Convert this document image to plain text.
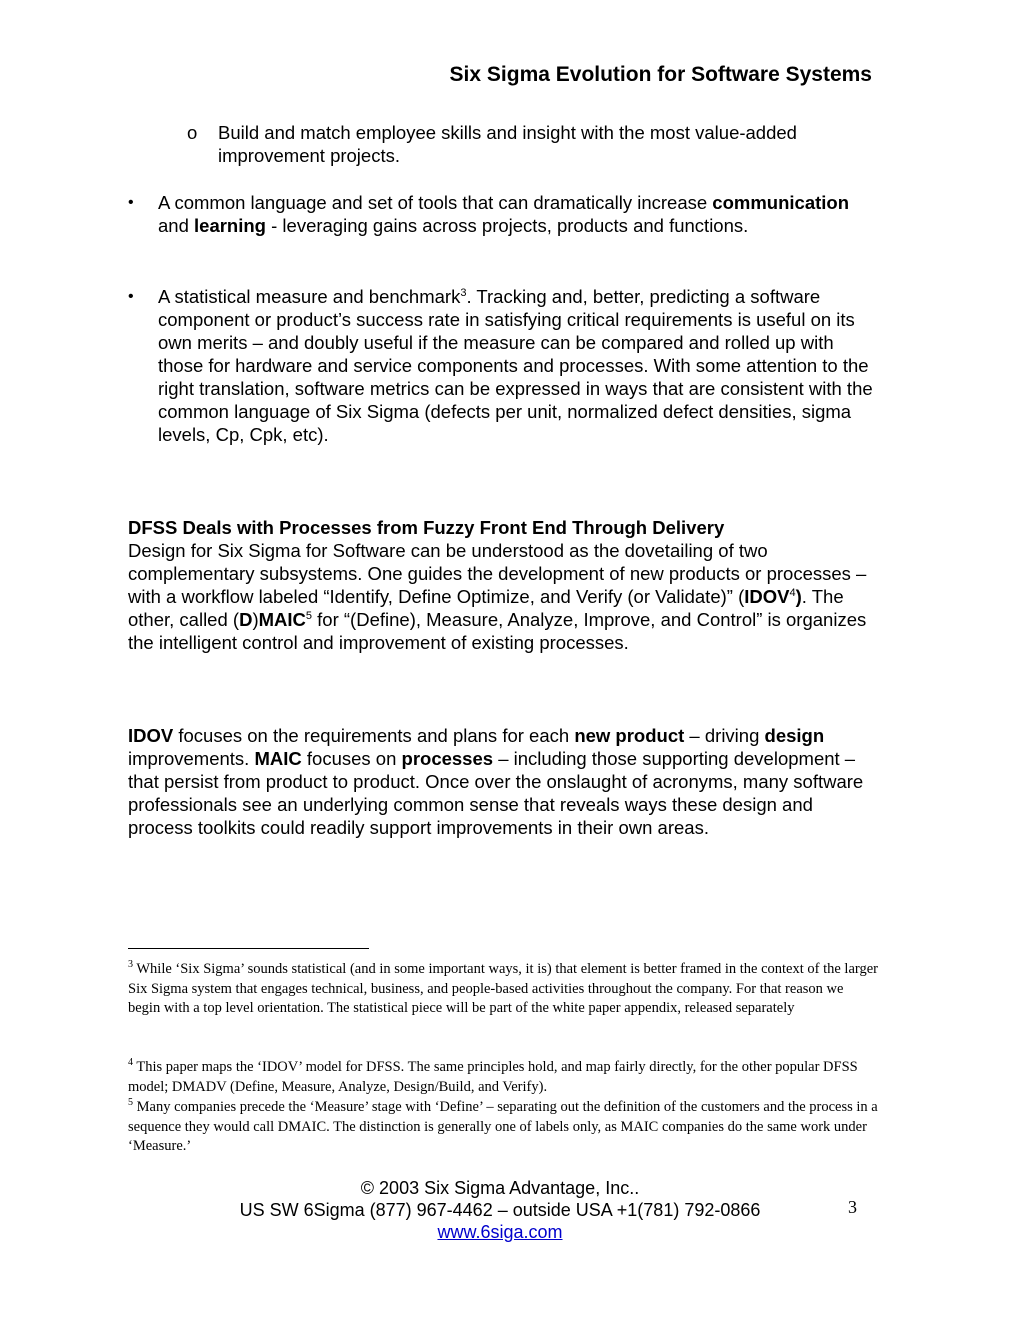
Six Sigma Evolution for Software Systems
o Build and match employee skills and insight with the most value-added improvement projects.
• A common language and set of tools that can dramatically increase communication and learning - leveraging gains across projects, products and functions.
• A statistical measure and benchmark$^3$. Tracking and, better, predicting a software component or product’s success rate in satisfying critical requirements is useful on its own merits – and doubly useful if the measure can be compared and rolled up with those for hardware and service components and processes. With some attention to the right translation, software metrics can be expressed in ways that are consistent with the common language of Six Sigma (defects per unit, normalized defect densities, sigma levels, Cp, Cpk, etc).
DFSS Deals with Processes from Fuzzy Front End Through Delivery
Design for Six Sigma for Software can be understood as the dovetailing of two complementary subsystems. One guides the development of new products or processes – with a workflow labeled “Identify, Define Optimize, and Verify (or Validate)” (IDOV$^4$). The other, called (D)MAIC$^5$ for “(Define), Measure, Analyze, Improve, and Control” is organizes the intelligent control and improvement of existing processes.
IDOV focuses on the requirements and plans for each new product – driving design improvements. MAIC focuses on processes – including those supporting development – that persist from product to product. Once over the onslaught of acronyms, many software professionals see an underlying common sense that reveals ways these design and process toolkits could readily support improvements in their own areas.
$^3$ While ‘Six Sigma’ sounds statistical (and in some important ways, it is) that element is better framed in the context of the larger Six Sigma system that engages technical, business, and people-based activities throughout the company. For that reason we begin with a top level orientation. The statistical piece will be part of the white paper appendix, released separately
$^4$ This paper maps the ‘IDOV’ model for DFSS. The same principles hold, and map fairly directly, for the other popular DFSS model; DMADV (Define, Measure, Analyze, Design/Build, and Verify).
$^5$ Many companies precede the ‘Measure’ stage with ‘Define’ – separating out the definition of the customers and the process in a sequence they would call DMAIC. The distinction is generally one of labels only, as MAIC companies do the same work under ‘Measure.’
© 2003 Six Sigma Advantage, Inc..
US SW 6Sigma (877) 967-4462 – outside USA +1(781) 792-0866
www.6siga.com
3
